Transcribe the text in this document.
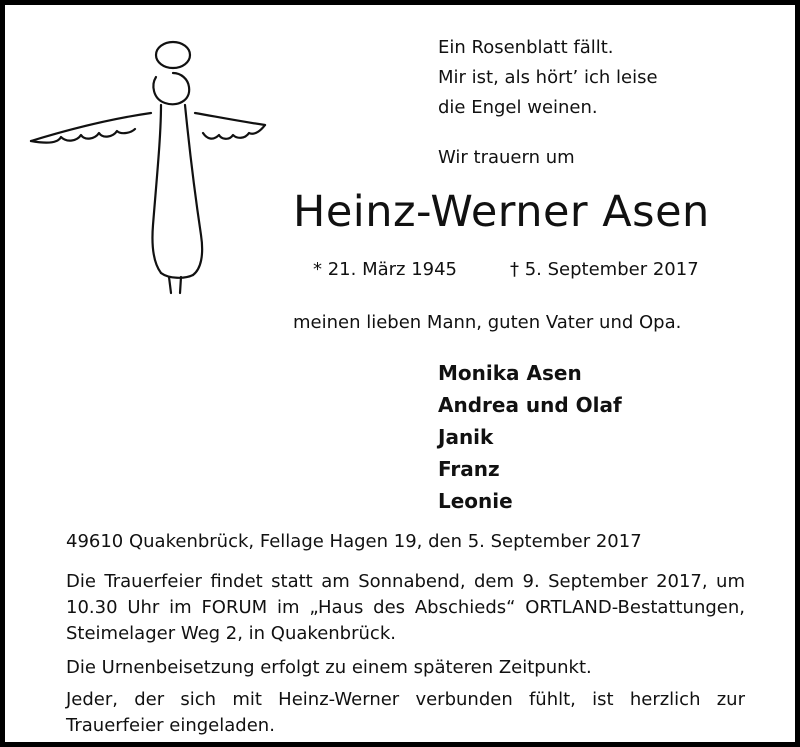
Ein Rosenblatt fällt.
Mir ist, als hört’ ich leise
die Engel weinen.
Wir trauern um
Heinz-Werner Asen
* 21. März 1945	† 5. September 2017
meinen lieben Mann, guten Vater und Opa.
Monika Asen
Andrea und Olaf
Janik
Franz
Leonie
49610 Quakenbrück, Fellage Hagen 19, den 5. September 2017
Die Trauerfeier findet statt am Sonnabend, dem 9. September 2017, um 10.30 Uhr im FORUM im „Haus des Abschieds“ ORTLAND-Bestattungen, Steimelager Weg 2, in Quakenbrück.
Die Urnenbeisetzung erfolgt zu einem späteren Zeitpunkt.
Jeder, der sich mit Heinz-Werner verbunden fühlt, ist herzlich zur Trauerfeier eingeladen.
